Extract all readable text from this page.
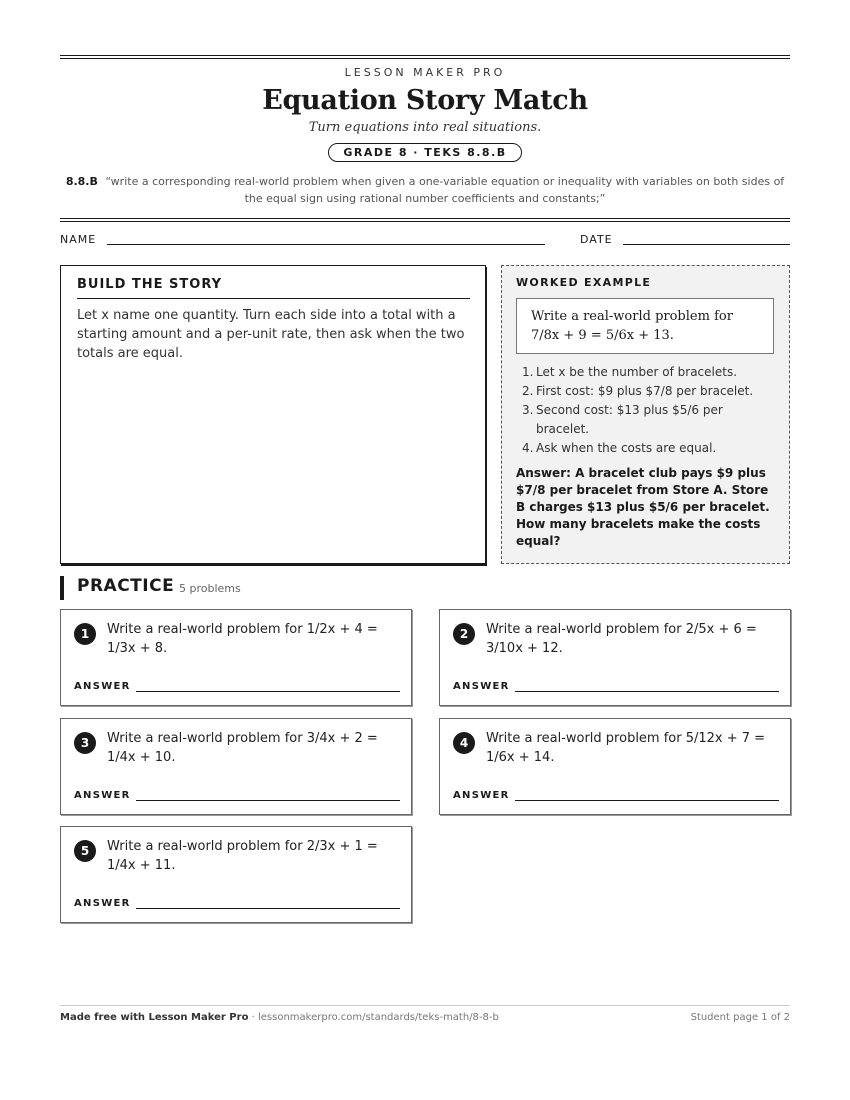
LESSON MAKER PRO
Equation Story Match
Turn equations into real situations.
GRADE 8 · TEKS 8.8.B
8.8.B “write a corresponding real-world problem when given a one-variable equation or inequality with variables on both sides of the equal sign using rational number coefficients and constants;”
NAME	DATE
BUILD THE STORY
Let x name one quantity. Turn each side into a total with a starting amount and a per-unit rate, then ask when the two totals are equal.
WORKED EXAMPLE
Write a real-world problem for 7/8x + 9 = 5/6x + 13.
1. Let x be the number of bracelets.
2. First cost: $9 plus $7/8 per bracelet.
3. Second cost: $13 plus $5/6 per bracelet.
4. Ask when the costs are equal.
Answer: A bracelet club pays $9 plus $7/8 per bracelet from Store A. Store B charges $13 plus $5/6 per bracelet. How many bracelets make the costs equal?
PRACTICE 5 problems
1	Write a real-world problem for 1/2x + 4 = 1/3x + 8.
ANSWER
2	Write a real-world problem for 2/5x + 6 = 3/10x + 12.
ANSWER
3	Write a real-world problem for 3/4x + 2 = 1/4x + 10.
ANSWER
4	Write a real-world problem for 5/12x + 7 = 1/6x + 14.
ANSWER
5	Write a real-world problem for 2/3x + 1 = 1/4x + 11.
ANSWER
Made free with Lesson Maker Pro · lessonmakerpro.com/standards/teks-math/8-8-b	Student page 1 of 2
